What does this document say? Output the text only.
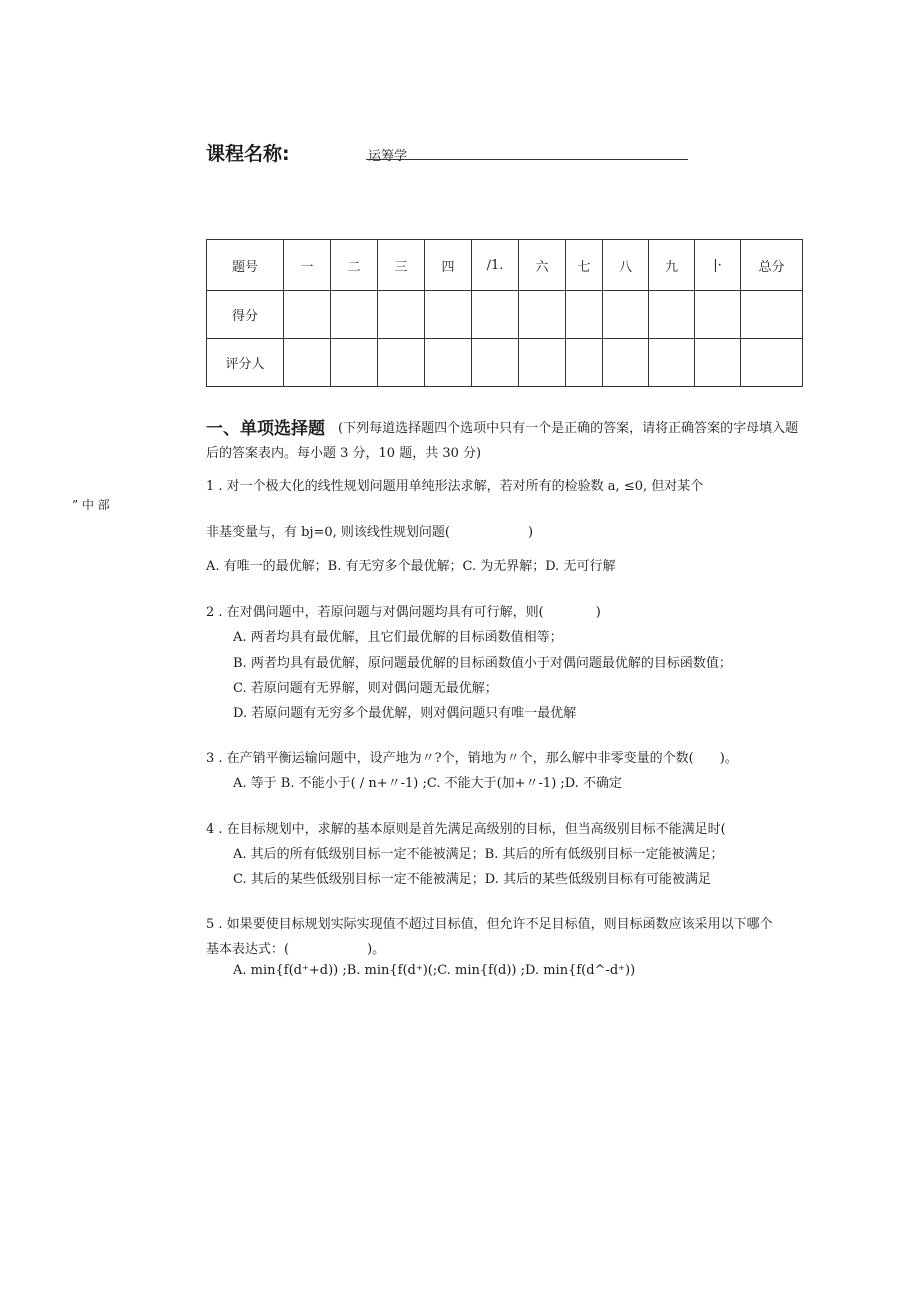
课程名称:	运筹学
题号	一	二	三	四	/1.	六	七	八	九	|·	总分
得分											
评分人											
” 中 部
一、单项选择题 (下列每道选择题四个选项中只有一个是正确的答案，请将正确答案的字母填入题
后的答案表内。每小题 3 分，10 题，共 30 分)
1 . 对一个极大化的线性规划问题用单纯形法求解，若对所有的检验数 a, ≤0, 但对某个
非基变量与，有 bj=0, 则该线性规划问题(　　　　　　)
A. 有唯一的最优解；B. 有无穷多个最优解；C. 为无界解；D. 无可行解
2 . 在对偶问题中，若原问题与对偶问题均具有可行解，则(　　　　)
A. 两者均具有最优解，且它们最优解的目标函数值相等；
B. 两者均具有最优解，原问题最优解的目标函数值小于对偶问题最优解的目标函数值；
C. 若原问题有无界解，则对偶问题无最优解；
D. 若原问题有无穷多个最优解，则对偶问题只有唯一最优解
3 . 在产销平衡运输问题中，设产地为〃?个，销地为〃个，那么解中非零变量的个数(　　)。
A. 等于 B. 不能小于( / n+〃-1) ;C. 不能大于(加+〃-1) ;D. 不确定
4 . 在目标规划中，求解的基本原则是首先满足高级别的目标，但当高级别目标不能满足时(
A. 其后的所有低级别目标一定不能被满足；B. 其后的所有低级别目标一定能被满足；
C. 其后的某些低级别目标一定不能被满足；D. 其后的某些低级别目标有可能被满足
5 . 如果要使目标规划实际实现值不超过目标值，但允许不足目标值，则目标函数应该采用以下哪个
基本表达式：(　　　　　　)。
A. min{f(d⁺+d)) ;B. min{f(d⁺)(;C. min{f(d)) ;D. min{f(d^-d⁺))
